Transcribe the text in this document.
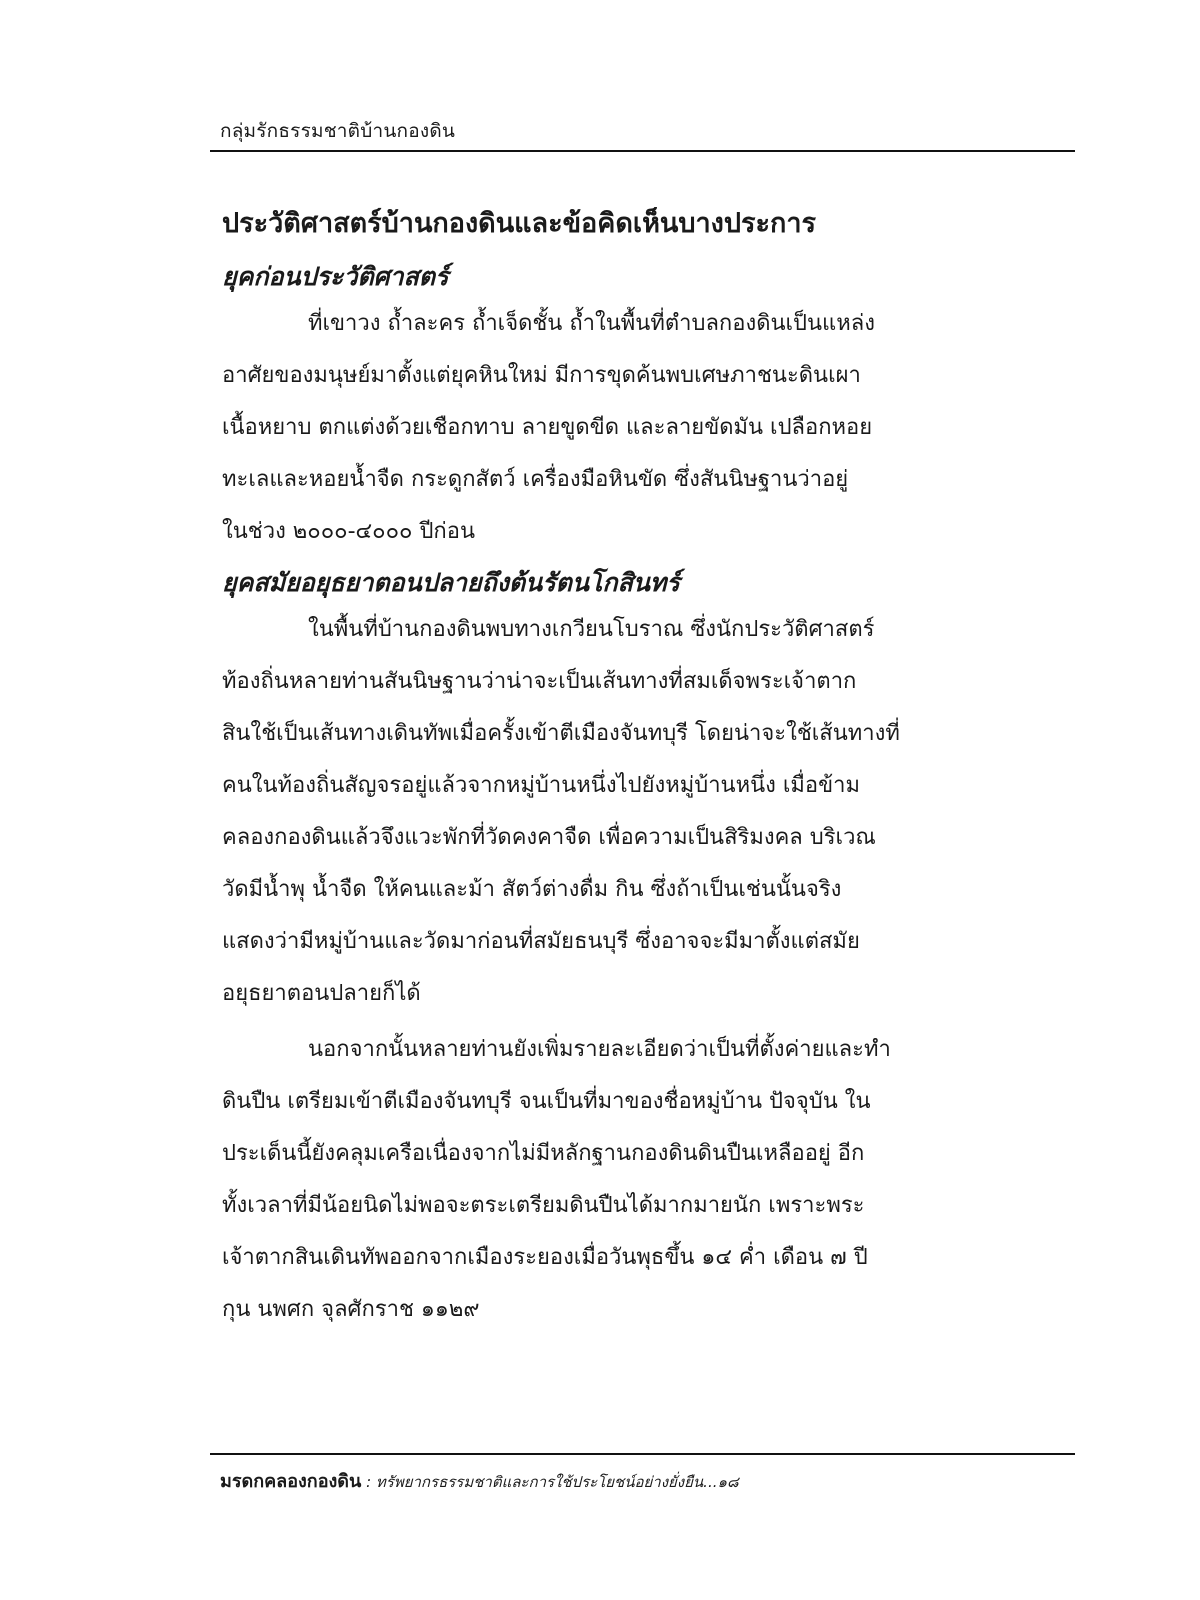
กลุ่มรักธรรมชาติบ้านกองดิน
ประวัติศาสตร์บ้านกองดินและข้อคิดเห็นบางประการ
ยุคก่อนประวัติศาสตร์
ที่เขาวง ถ้ำละคร ถ้ำเจ็ดชั้น ถ้ำในพื้นที่ตำบลกองดินเป็นแหล่ง
อาศัยของมนุษย์มาตั้งแต่ยุคหินใหม่ มีการขุดค้นพบเศษภาชนะดินเผา
เนื้อหยาบ ตกแต่งด้วยเชือกทาบ ลายขูดขีด และลายขัดมัน เปลือกหอย
ทะเลและหอยน้ำจืด กระดูกสัตว์ เครื่องมือหินขัด ซึ่งสันนิษฐานว่าอยู่
ในช่วง ๒๐๐๐-๔๐๐๐ ปีก่อน
ยุคสมัยอยุธยาตอนปลายถึงต้นรัตนโกสินทร์
ในพื้นที่บ้านกองดินพบทางเกวียนโบราณ ซึ่งนักประวัติศาสตร์
ท้องถิ่นหลายท่านสันนิษฐานว่าน่าจะเป็นเส้นทางที่สมเด็จพระเจ้าตาก
สินใช้เป็นเส้นทางเดินทัพเมื่อครั้งเข้าตีเมืองจันทบุรี โดยน่าจะใช้เส้นทางที่
คนในท้องถิ่นสัญจรอยู่แล้วจากหมู่บ้านหนึ่งไปยังหมู่บ้านหนึ่ง เมื่อข้าม
คลองกองดินแล้วจึงแวะพักที่วัดคงคาจืด เพื่อความเป็นสิริมงคล บริเวณ
วัดมีน้ำพุ น้ำจืด ให้คนและม้า สัตว์ต่างดื่ม กิน ซึ่งถ้าเป็นเช่นนั้นจริง
แสดงว่ามีหมู่บ้านและวัดมาก่อนที่สมัยธนบุรี ซึ่งอาจจะมีมาตั้งแต่สมัย
อยุธยาตอนปลายก็ได้
นอกจากนั้นหลายท่านยังเพิ่มรายละเอียดว่าเป็นที่ตั้งค่ายและทำ
ดินปืน เตรียมเข้าตีเมืองจันทบุรี จนเป็นที่มาของชื่อหมู่บ้าน ปัจจุบัน ใน
ประเด็นนี้ยังคลุมเครือเนื่องจากไม่มีหลักฐานกองดินดินปืนเหลืออยู่ อีก
ทั้งเวลาที่มีน้อยนิดไม่พอจะตระเตรียมดินปืนได้มากมายนัก เพราะพระ
เจ้าตากสินเดินทัพออกจากเมืองระยองเมื่อวันพุธขึ้น ๑๔ ค่ำ เดือน ๗ ปี
กุน นพศก จุลศักราช ๑๑๒๙
มรดกคลองกองดิน : ทรัพยากรธรรมชาติและการใช้ประโยชน์อย่างยั่งยืน...๑๘
